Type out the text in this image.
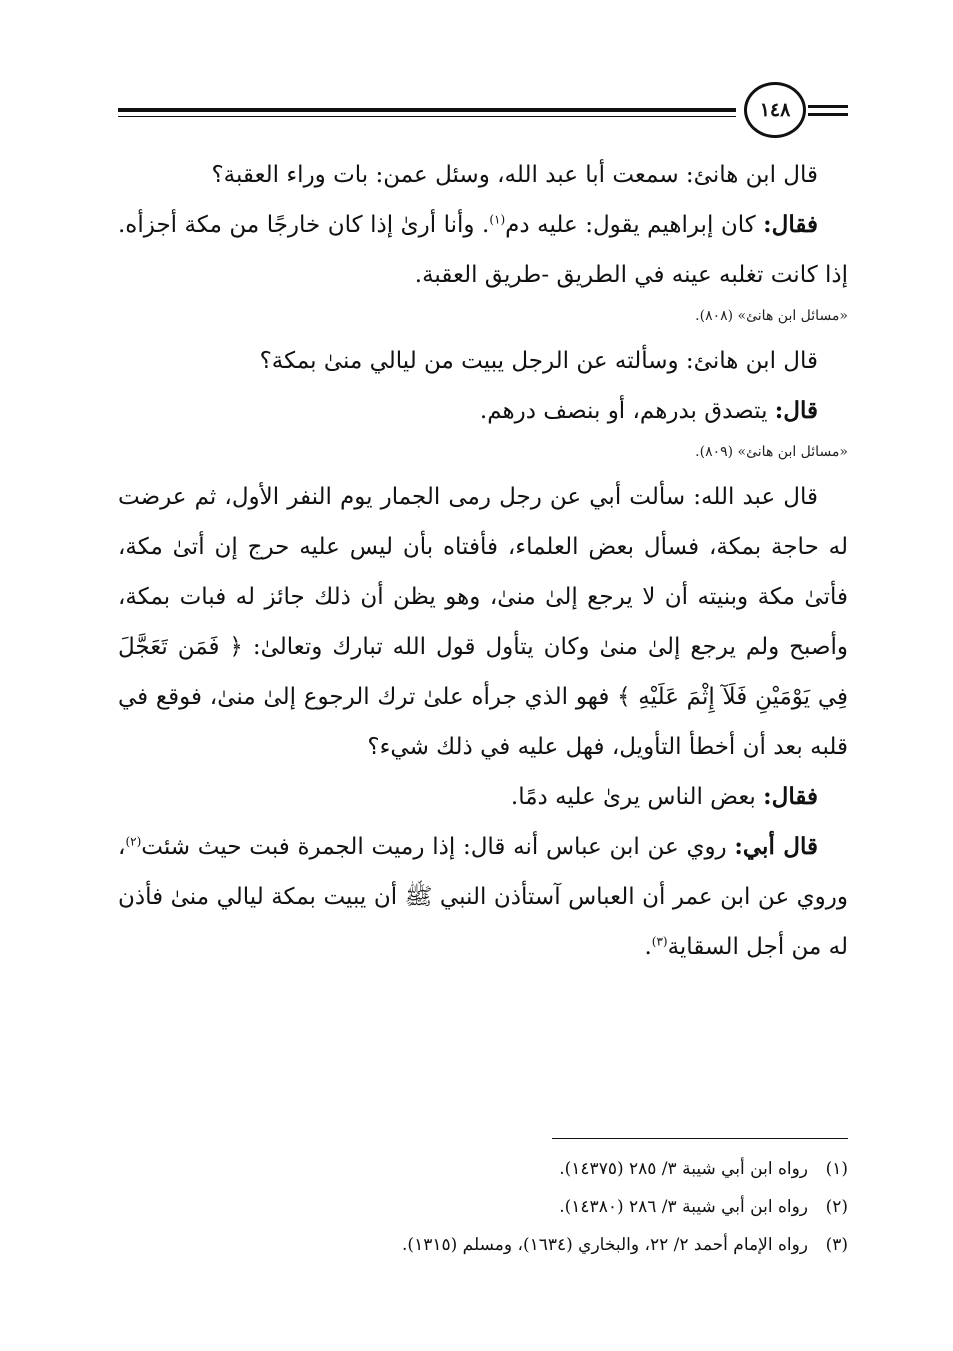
١٤٨

قال ابن هانئ: سمعت أبا عبد الله، وسئل عمن: بات وراء العقبة؟

فقال: كان إبراهيم يقول: عليه دم$^{(١)}$. وأنا أرىٰ إذا كان خارجًا من مكة أجزأه. إذا كانت تغلبه عينه في الطريق -طريق العقبة.

«مسائل ابن هانئ» (٨٠٨).

قال ابن هانئ: وسألته عن الرجل يبيت من ليالي منىٰ بمكة؟

قال: يتصدق بدرهم، أو بنصف درهم.

«مسائل ابن هانئ» (٨٠٩).

قال عبد الله: سألت أبي عن رجل رمى الجمار يوم النفر الأول، ثم عرضت له حاجة بمكة، فسأل بعض العلماء، فأفتاه بأن ليس عليه حرج إن أتىٰ مكة، فأتىٰ مكة وبنيته أن لا يرجع إلىٰ منىٰ، وهو يظن أن ذلك جائز له فبات بمكة، وأصبح ولم يرجع إلىٰ منىٰ وكان يتأول قول الله تبارك وتعالىٰ: ﴿ فَمَن تَعَجَّلَ فِي يَوْمَيْنِ فَلَآ إِثْمَ عَلَيْهِ ﴾ فهو الذي جرأه علىٰ ترك الرجوع إلىٰ منىٰ، فوقع في قلبه بعد أن أخطأ التأويل، فهل عليه في ذلك شيء؟

فقال: بعض الناس يرىٰ عليه دمًا.

قال أبي: روي عن ابن عباس أنه قال: إذا رميت الجمرة فبت حيث شئت$^{(٢)}$، وروي عن ابن عمر أن العباس آستأذن النبي ﷺ أن يبيت بمكة ليالي منىٰ فأذن له من أجل السقاية$^{(٣)}$.

(١)رواه ابن أبي شيبة ٣/ ٢٨٥ (١٤٣٧٥).

(٢)رواه ابن أبي شيبة ٣/ ٢٨٦ (١٤٣٨٠).

(٣)رواه الإمام أحمد ٢/ ٢٢، والبخاري (١٦٣٤)، ومسلم (١٣١٥).
